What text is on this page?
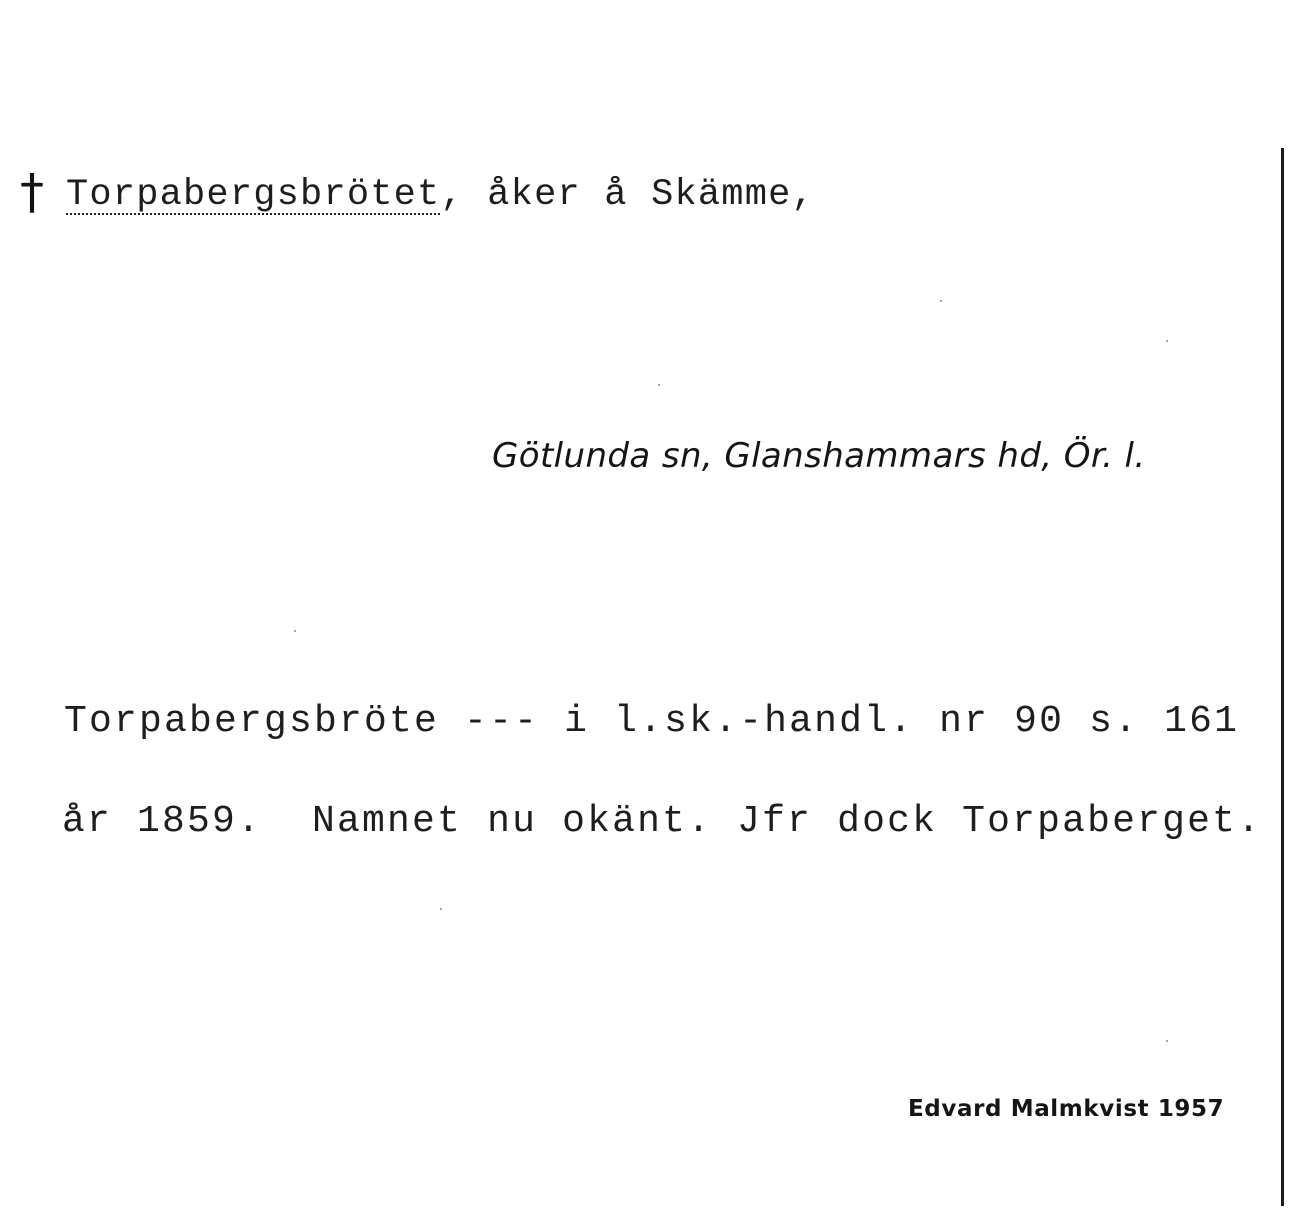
† Torpabergsbrötet, åker å Skämme,
Götlunda sn, Glanshammars hd, Ör. l.
Torpabergsbröte --- i l.sk.-handl. nr 90 s. 161
år 1859.  Namnet nu okänt. Jfr dock Torpaberget.
Edvard Malmkvist 1957
